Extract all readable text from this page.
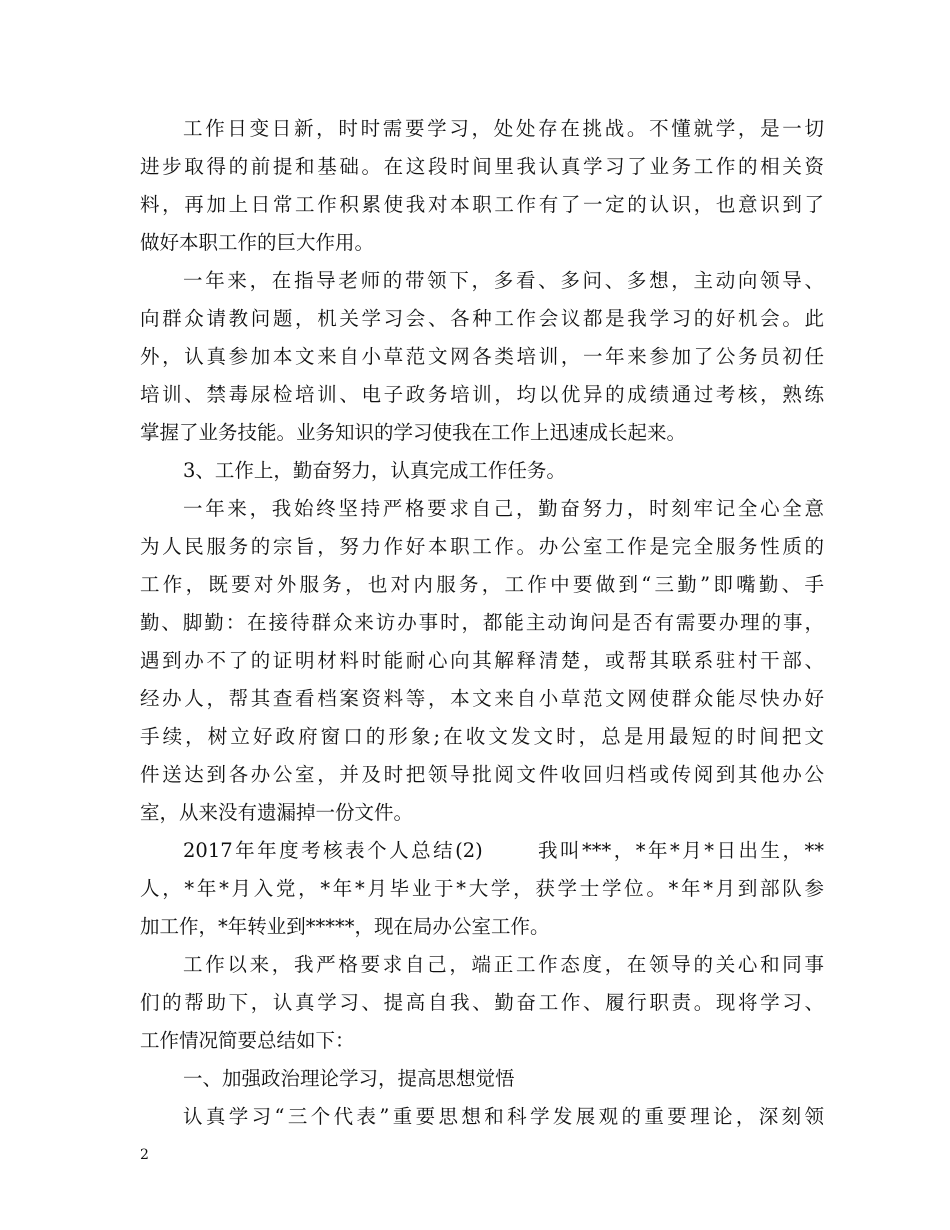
工作日变日新，时时需要学习，处处存在挑战。不懂就学，是一切
进步取得的前提和基础。在这段时间里我认真学习了业务工作的相关资
料，再加上日常工作积累使我对本职工作有了一定的认识，也意识到了
做好本职工作的巨大作用。
一年来，在指导老师的带领下，多看、多问、多想，主动向领导、
向群众请教问题，机关学习会、各种工作会议都是我学习的好机会。此
外，认真参加本文来自小草范文网各类培训，一年来参加了公务员初任
培训、禁毒尿检培训、电子政务培训，均以优异的成绩通过考核，熟练
掌握了业务技能。业务知识的学习使我在工作上迅速成长起来。
3、工作上，勤奋努力，认真完成工作任务。
一年来，我始终坚持严格要求自己，勤奋努力，时刻牢记全心全意
为人民服务的宗旨，努力作好本职工作。办公室工作是完全服务性质的
工作，既要对外服务，也对内服务，工作中要做到“三勤”即嘴勤、手
勤、脚勤：在接待群众来访办事时，都能主动询问是否有需要办理的事，
遇到办不了的证明材料时能耐心向其解释清楚，或帮其联系驻村干部、
经办人，帮其查看档案资料等，本文来自小草范文网使群众能尽快办好
手续，树立好政府窗口的形象;在收文发文时，总是用最短的时间把文
件送达到各办公室，并及时把领导批阅文件收回归档或传阅到其他办公
室，从来没有遗漏掉一份文件。
2017年年度考核表个人总结(2)　　 我叫***，*年*月*日出生，**
人，*年*月入党，*年*月毕业于*大学，获学士学位。*年*月到部队参
加工作，*年转业到*****，现在局办公室工作。
工作以来，我严格要求自己，端正工作态度，在领导的关心和同事
们的帮助下，认真学习、提高自我、勤奋工作、履行职责。现将学习、
工作情况简要总结如下：
一、加强政治理论学习，提高思想觉悟
认真学习“三个代表”重要思想和科学发展观的重要理论，深刻领
2
